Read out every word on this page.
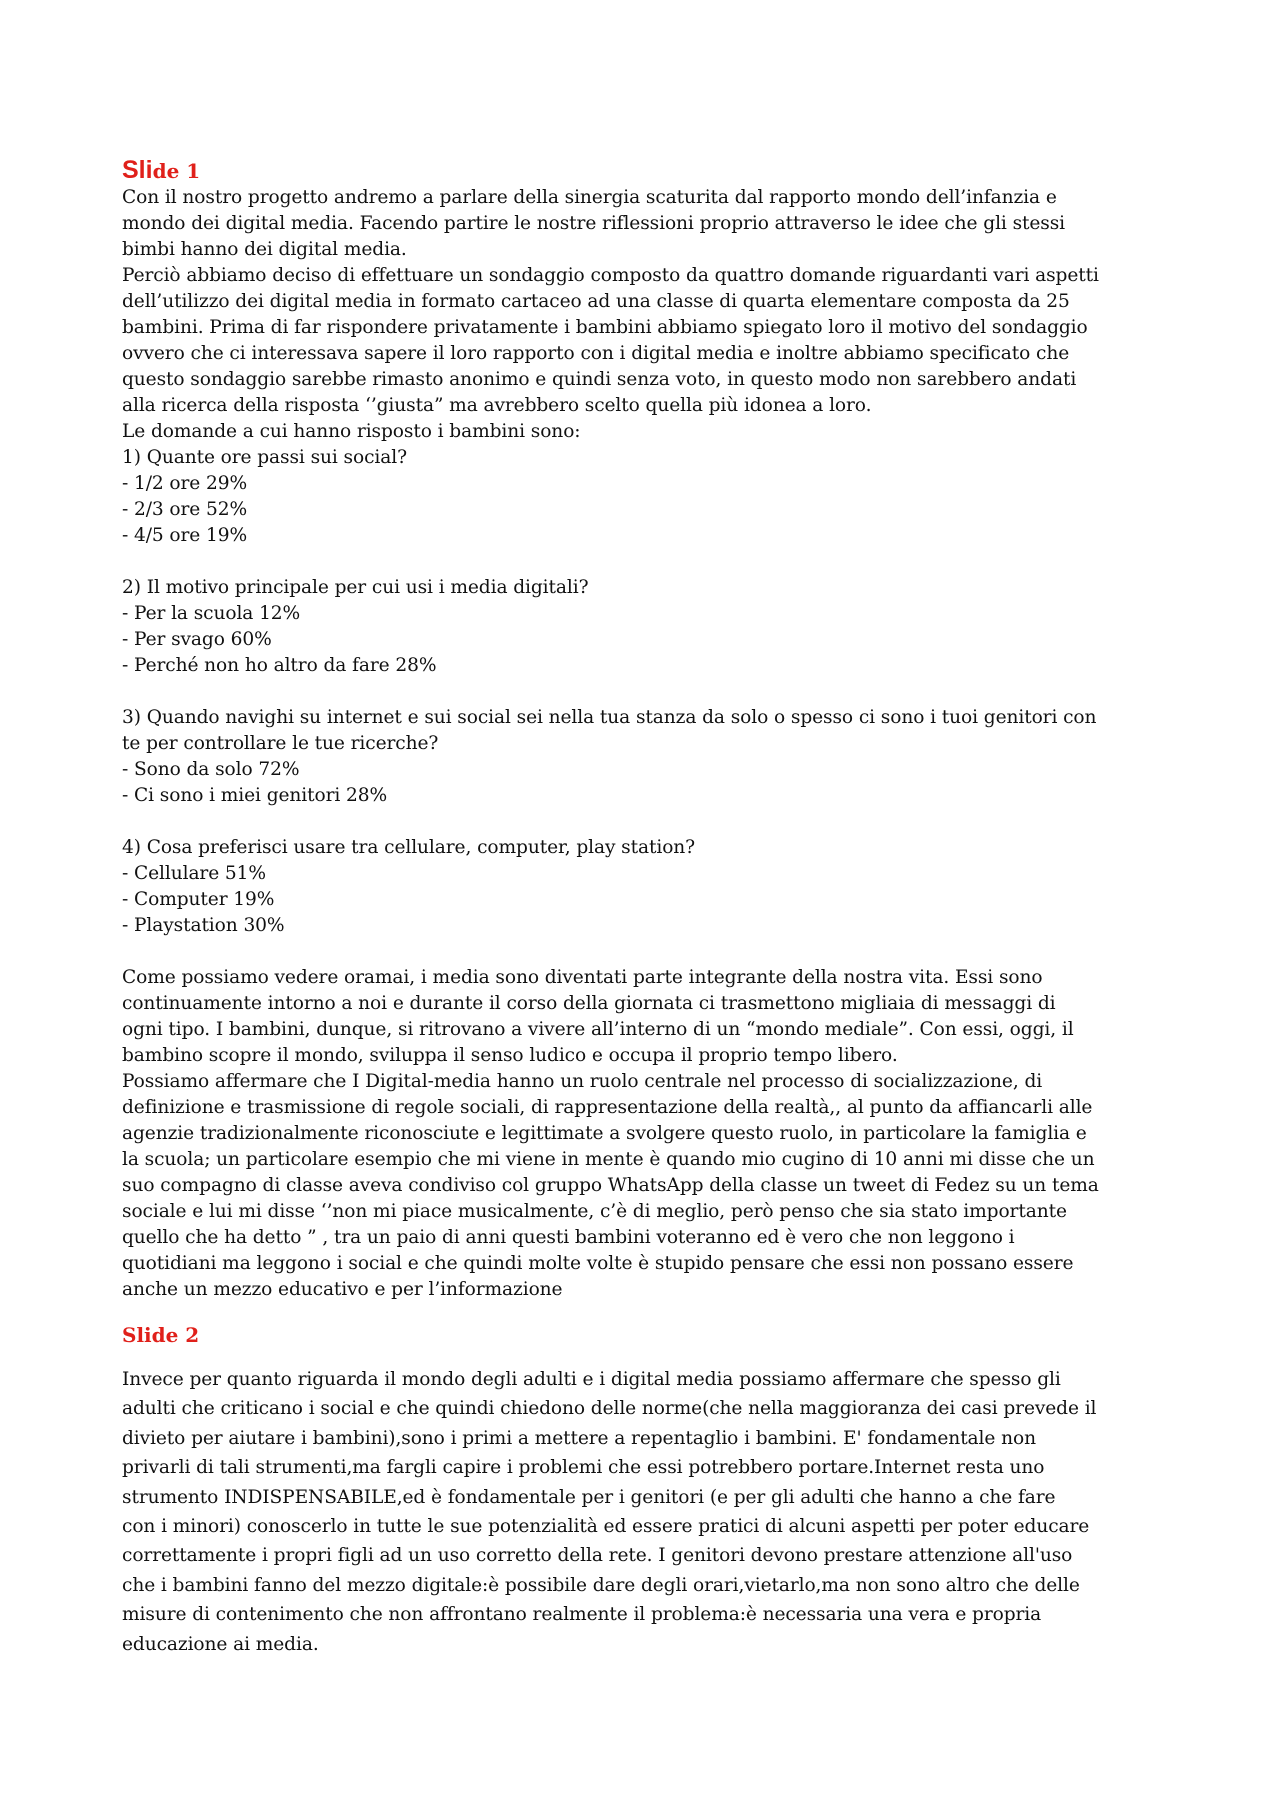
Slide 1

Con il nostro progetto andremo a parlare della sinergia scaturita dal rapporto mondo dell’infanzia e

mondo dei digital media. Facendo partire le nostre riflessioni proprio attraverso le idee che gli stessi

bimbi hanno dei digital media.

Perciò abbiamo deciso di effettuare un sondaggio composto da quattro domande riguardanti vari aspetti

dell’utilizzo dei digital media in formato cartaceo ad una classe di quarta elementare composta da 25

bambini. Prima di far rispondere privatamente i bambini abbiamo spiegato loro il motivo del sondaggio

ovvero che ci interessava sapere il loro rapporto con i digital media e inoltre abbiamo specificato che

questo sondaggio sarebbe rimasto anonimo e quindi senza voto, in questo modo non sarebbero andati

alla ricerca della risposta ‘’giusta” ma avrebbero scelto quella più idonea a loro.

Le domande a cui hanno risposto i bambini sono:

1) Quante ore passi sui social?

- 1/2 ore 29%

- 2/3 ore 52%

- 4/5 ore 19%

2) Il motivo principale per cui usi i media digitali?

- Per la scuola 12%

- Per svago 60%

- Perché non ho altro da fare 28%

3) Quando navighi su internet e sui social sei nella tua stanza da solo o spesso ci sono i tuoi genitori con

te per controllare le tue ricerche?

- Sono da solo 72%

- Ci sono i miei genitori 28%

4) Cosa preferisci usare tra cellulare, computer, play station?

- Cellulare 51%

- Computer 19%

- Playstation 30%

Come possiamo vedere oramai, i media sono diventati parte integrante della nostra vita. Essi sono

continuamente intorno a noi e durante il corso della giornata ci trasmettono migliaia di messaggi di

ogni tipo. I bambini, dunque, si ritrovano a vivere all’interno di un “mondo mediale”. Con essi, oggi, il

bambino scopre il mondo, sviluppa il senso ludico e occupa il proprio tempo libero.

Possiamo affermare che I Digital-media hanno un ruolo centrale nel processo di socializzazione, di

definizione e trasmissione di regole sociali, di rappresentazione della realtà,, al punto da affiancarli alle

agenzie tradizionalmente riconosciute e legittimate a svolgere questo ruolo, in particolare la famiglia e

la scuola; un particolare esempio che mi viene in mente è quando mio cugino di 10 anni mi disse che un

suo compagno di classe aveva condiviso col gruppo WhatsApp della classe un tweet di Fedez su un tema

sociale e lui mi disse ‘’non mi piace musicalmente, c’è di meglio, però penso che sia stato importante

quello che ha detto ” , tra un paio di anni questi bambini voteranno ed è vero che non leggono i

quotidiani ma leggono i social e che quindi molte volte è stupido pensare che essi non possano essere

anche un mezzo educativo e per l’informazione

Slide 2

Invece per quanto riguarda il mondo degli adulti e i digital media possiamo affermare che spesso gli

adulti che criticano i social e che quindi chiedono delle norme(che nella maggioranza dei casi prevede il

divieto per aiutare i bambini),sono i primi a mettere a repentaglio i bambini. E' fondamentale non

privarli di tali strumenti,ma fargli capire i problemi che essi potrebbero portare.Internet resta uno

strumento INDISPENSABILE,ed è fondamentale per i genitori (e per gli adulti che hanno a che fare

con i minori) conoscerlo in tutte le sue potenzialità ed essere pratici di alcuni aspetti per poter educare

correttamente i propri figli ad un uso corretto della rete. I genitori devono prestare attenzione all'uso

che i bambini fanno del mezzo digitale:è possibile dare degli orari,vietarlo,ma non sono altro che delle

misure di contenimento che non affrontano realmente il problema:è necessaria una vera e propria

educazione ai media.
